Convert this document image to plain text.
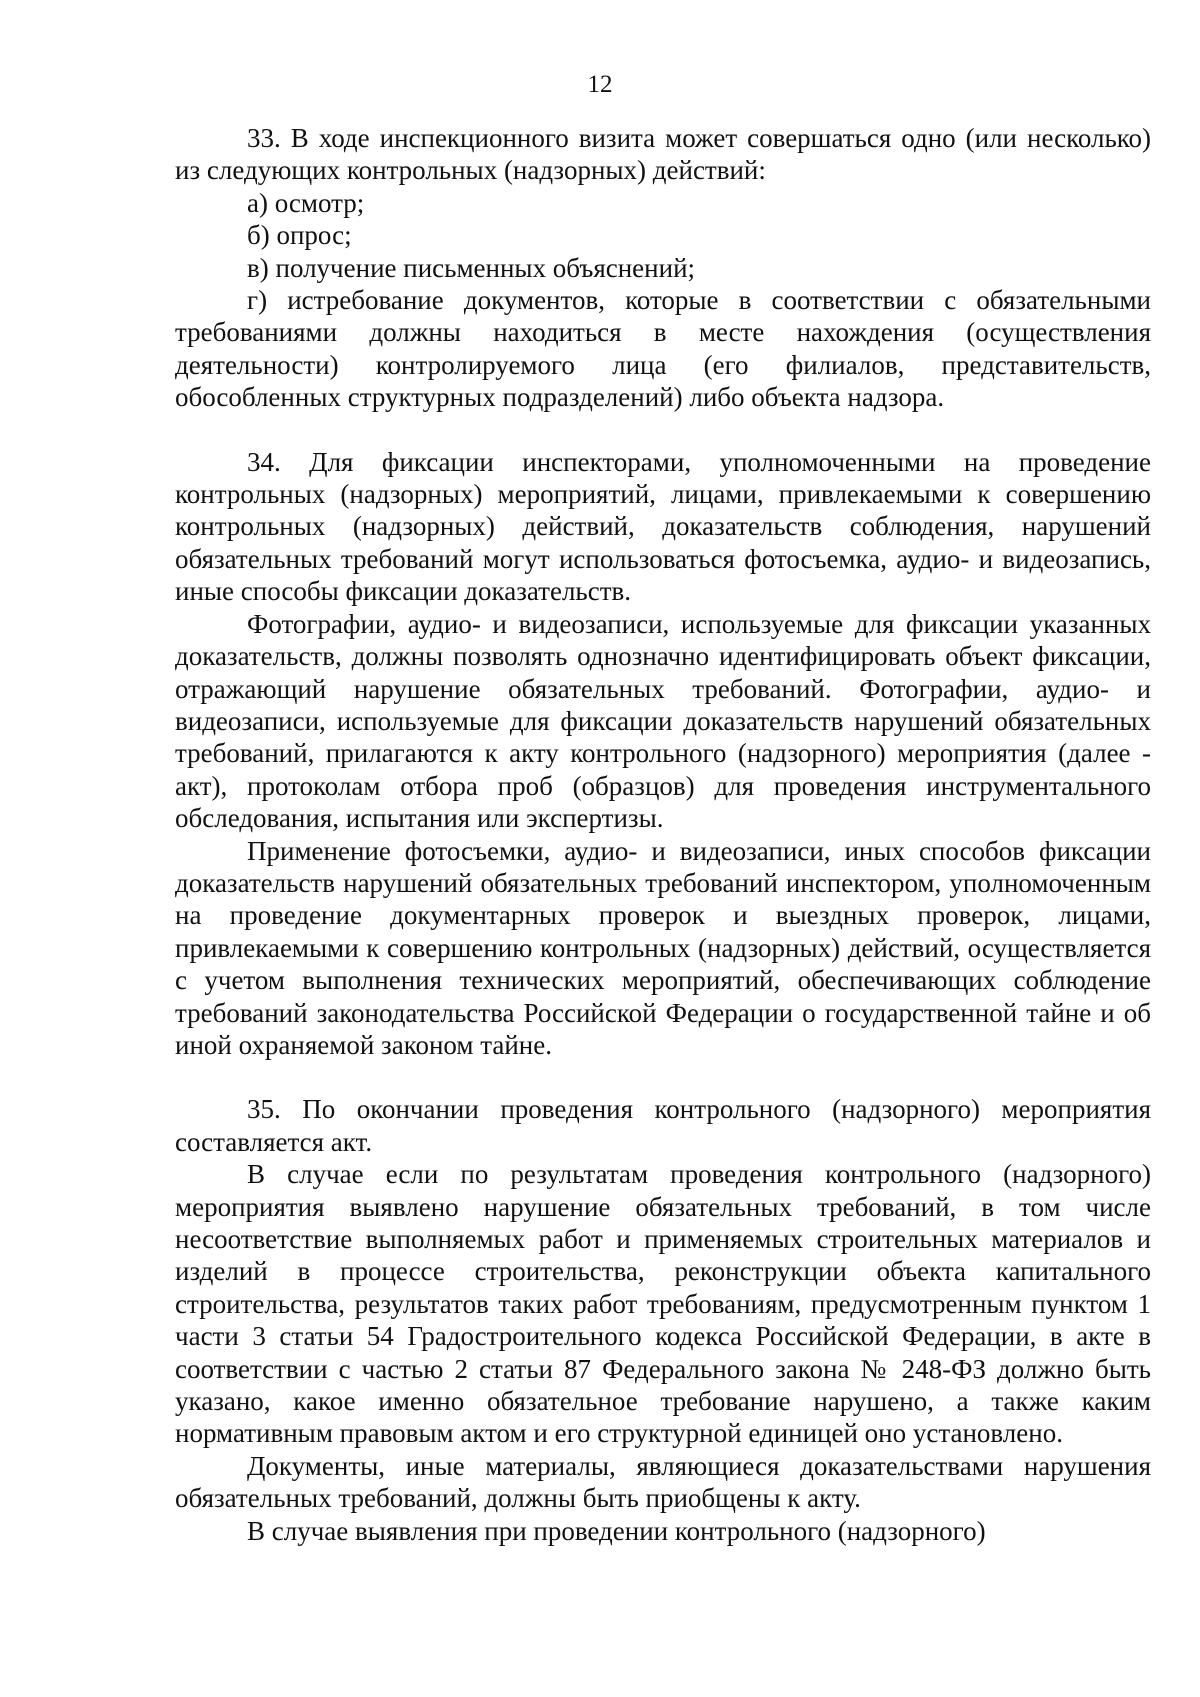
12

33. В ходе инспекционного визита может совершаться одно (или несколько) из следующих контрольных (надзорных) действий:

а) осмотр;

б) опрос;

в) получение письменных объяснений;

г) истребование документов, которые в соответствии с обязательными требованиями должны находиться в месте нахождения (осуществления деятельности) контролируемого лица (его филиалов, представительств, обособленных структурных подразделений) либо объекта надзора.

34. Для фиксации инспекторами, уполномоченными на проведение контрольных (надзорных) мероприятий, лицами, привлекаемыми к совершению контрольных (надзорных) действий, доказательств соблюдения, нарушений обязательных требований могут использоваться фотосъемка, аудио- и видеозапись, иные способы фиксации доказательств.

Фотографии, аудио- и видеозаписи, используемые для фиксации указанных доказательств, должны позволять однозначно идентифицировать объект фиксации, отражающий нарушение обязательных требований. Фотографии, аудио- и видеозаписи, используемые для фиксации доказательств нарушений обязательных требований, прилагаются к акту контрольного (надзорного) мероприятия (далее - акт), протоколам отбора проб (образцов) для проведения инструментального обследования, испытания или экспертизы.

Применение фотосъемки, аудио- и видеозаписи, иных способов фиксации доказательств нарушений обязательных требований инспектором, уполномоченным на проведение документарных проверок и выездных проверок, лицами, привлекаемыми к совершению контрольных (надзорных) действий, осуществляется с учетом выполнения технических мероприятий, обеспечивающих соблюдение требований законодательства Российской Федерации о государственной тайне и об иной охраняемой законом тайне.

35. По окончании проведения контрольного (надзорного) мероприятия составляется акт.

В случае если по результатам проведения контрольного (надзорного) мероприятия выявлено нарушение обязательных требований, в том числе несоответствие выполняемых работ и применяемых строительных материалов и изделий в процессе строительства, реконструкции объекта капитального строительства, результатов таких работ требованиям, предусмотренным пунктом 1 части 3 статьи 54 Градостроительного кодекса Российской Федерации, в акте в соответствии с частью 2 статьи 87 Федерального закона № 248-ФЗ должно быть указано, какое именно обязательное требование нарушено, а также каким нормативным правовым актом и его структурной единицей оно установлено.

Документы, иные материалы, являющиеся доказательствами нарушения обязательных требований, должны быть приобщены к акту.

В случае выявления при проведении контрольного (надзорного)
